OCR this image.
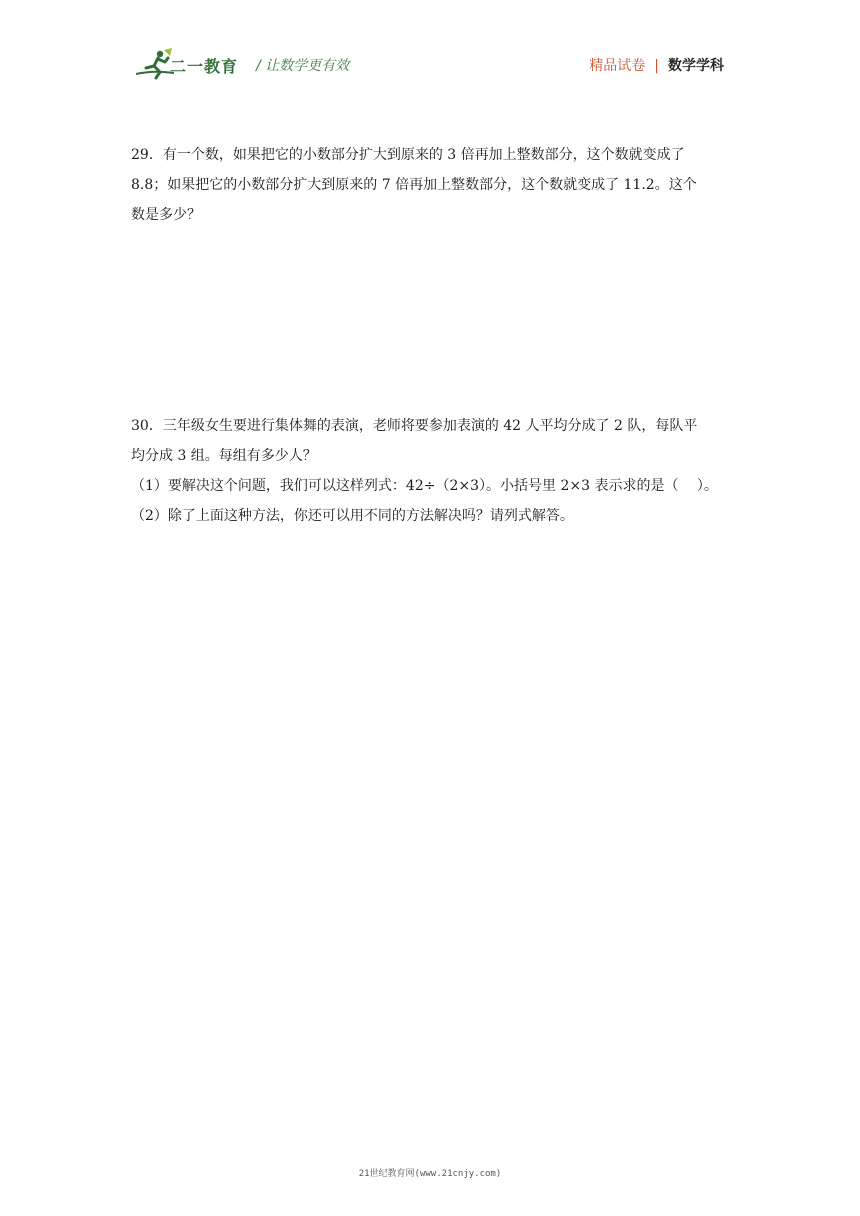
二一教育 / 让数学更有效	精品试卷 | 数学学科

29．有一个数，如果把它的小数部分扩大到原来的 3 倍再加上整数部分，这个数就变成了

8.8；如果把它的小数部分扩大到原来的 7 倍再加上整数部分，这个数就变成了 11.2。这个

数是多少？

30．三年级女生要进行集体舞的表演，老师将要参加表演的 42 人平均分成了 2 队，每队平

均分成 3 组。每组有多少人？

（1）要解决这个问题，我们可以这样列式：42÷（2×3）。小括号里 2×3 表示求的是（　 ）。

（2）除了上面这种方法，你还可以用不同的方法解决吗？请列式解答。

21世纪教育网(www.21cnjy.com)
